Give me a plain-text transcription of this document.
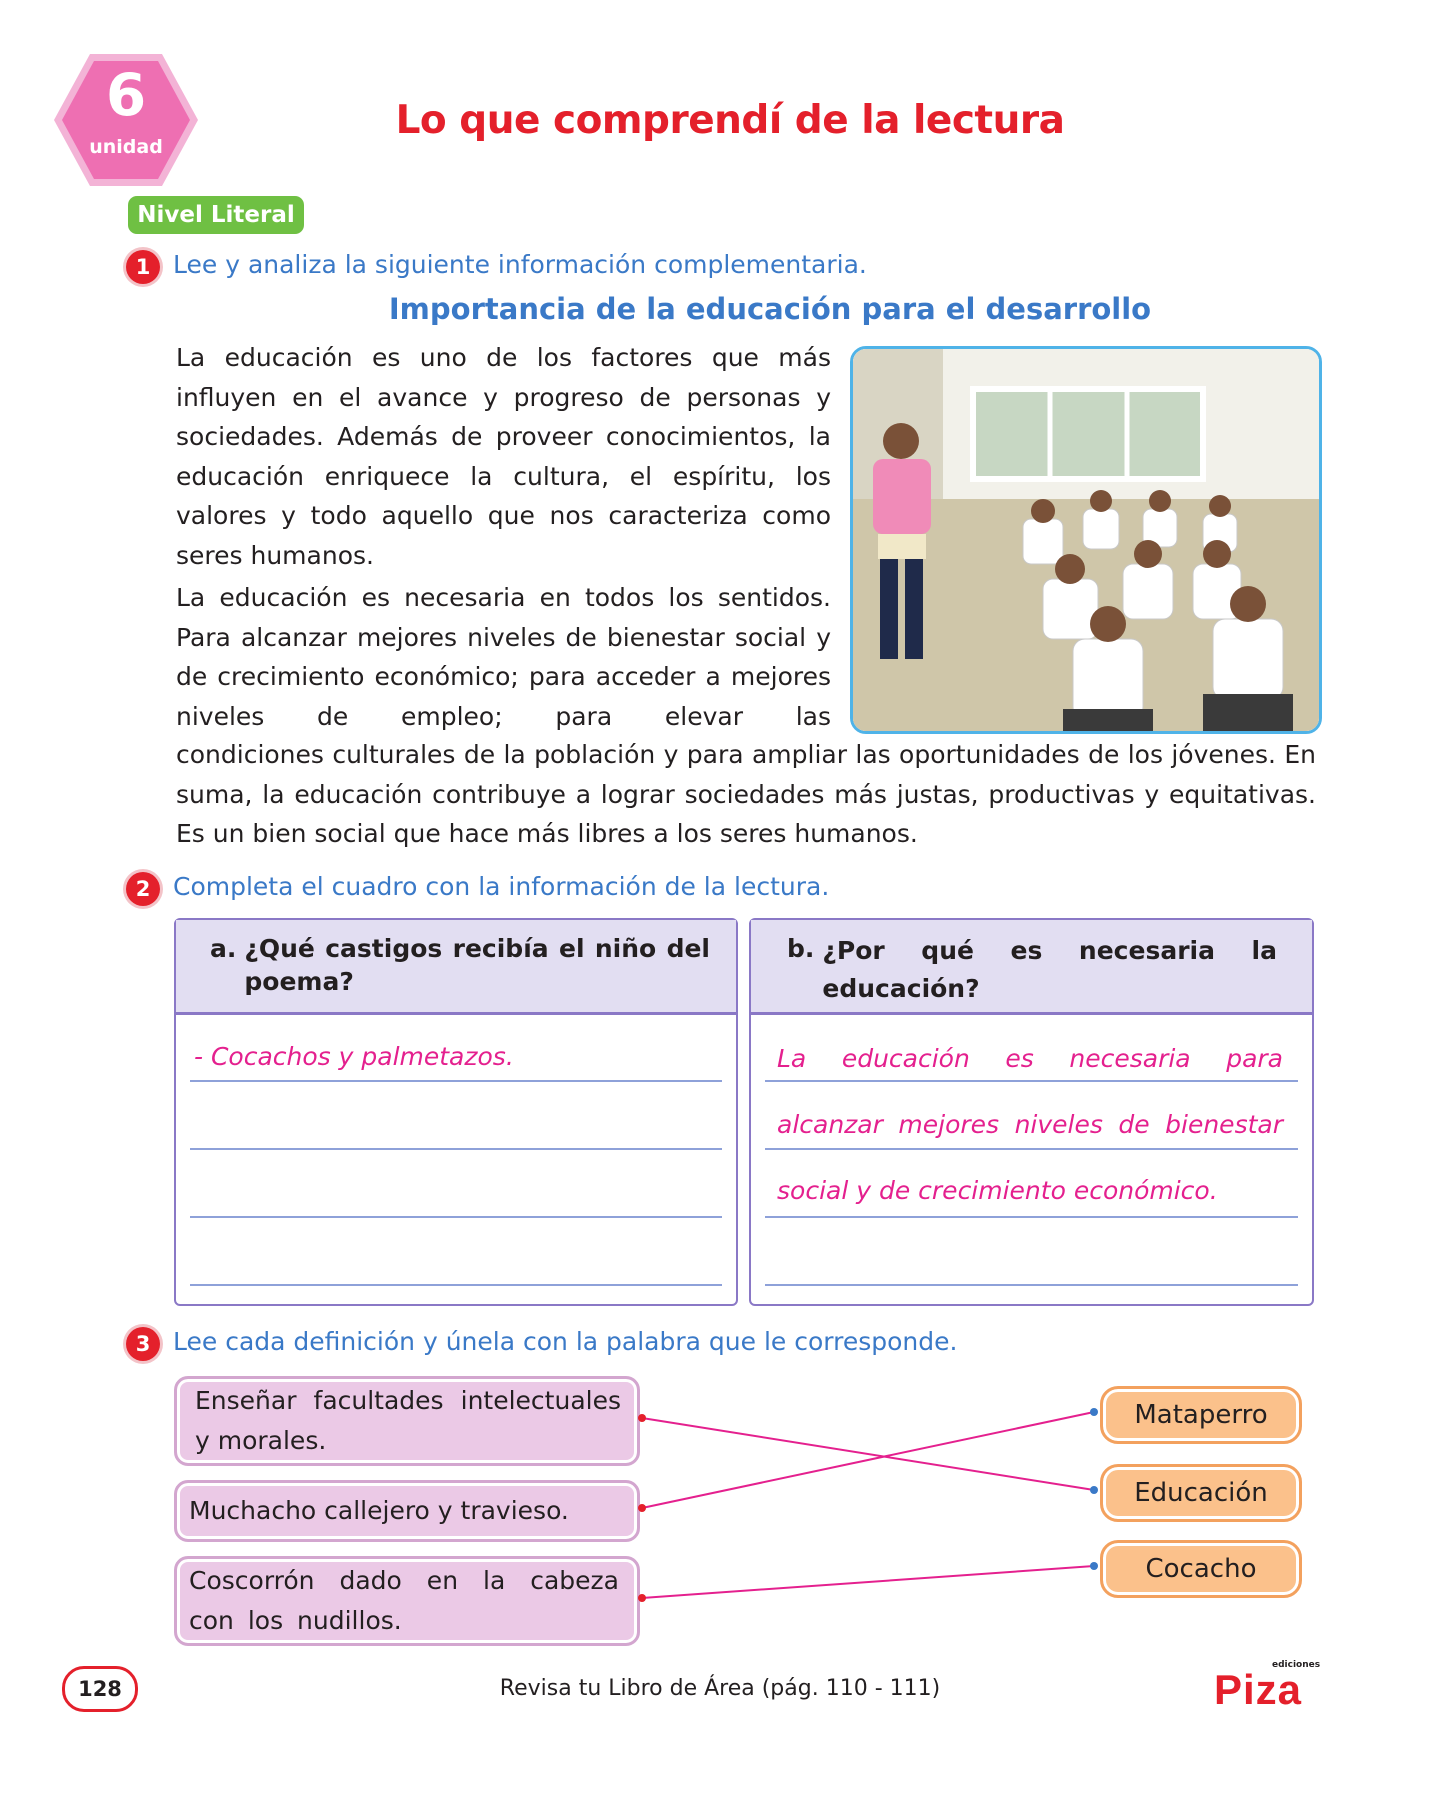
6
unidad
Lo que comprendí de la lectura
Nivel Literal
1 Lee y analiza la siguiente información complementaria.
Importancia de la educación para el desarrollo
La educación es uno de los factores que más influyen en el avance y progreso de personas y sociedades. Además de proveer conocimientos, la educación enriquece la cultura, el espíritu, los valores y todo aquello que nos caracteriza como seres humanos.
La educación es necesaria en todos los sentidos. Para alcanzar mejores niveles de bienestar social y de crecimiento económico; para acceder a mejores niveles de empleo; para elevar las
condiciones culturales de la población y para ampliar las oportunidades de los jóvenes. En suma, la educación contribuye a lograr sociedades más justas, productivas y equitativas. Es un bien social que hace más libres a los seres humanos.
2 Completa el cuadro con la información de la lectura.
a. ¿Qué castigos recibía el niño del poema?
- Cocachos y palmetazos.
b. ¿Por qué es necesaria la educación?
La educación es necesaria para
alcanzar mejores niveles de bienestar
social y de crecimiento económico.
3 Lee cada definición y únela con la palabra que le corresponde.
Enseñar facultades intelectuales y morales.
Muchacho callejero y travieso.
Coscorrón dado en la cabeza con los nudillos.
Mataperro
Educación
Cocacho
128	Revisa tu Libro de Área (pág. 110 - 111)
ediciones
Piza
